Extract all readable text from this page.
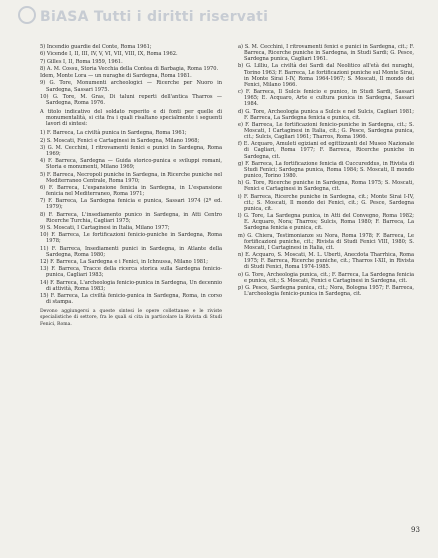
BiASA Tutti i diritti riservati

5) Incendio guardie del Conte, Roma 1961;

6) Vicende I, II, III, IV, V, VI, VII, VIII, IX, Roma 1962.

7) Gilles I, II, Roma 1959, 1961.

8) A. M. Cossu, Storia Vecchia della Contea di Barbagia, Roma 1970.

Idem, Monte Lora — un nuraghe di Sardegna, Roma 1981.

9) G. Tore, Monumenti archeologici — Ricerche per Nuoro in Sardegna, Sassari 1975.

10) G. Tore, M. Gras, Di taluni reperti dell'antica Tharros — Sardegna, Roma 1976.

A titolo indicativo del soldato reperito e di fonti per quelle di monumentalità, si cita fra i quali risaltano specialmente i seguenti lavori di sintesi:

1) F. Barreca, La civiltà punica in Sardegna, Roma 1961;

2) S. Moscati, Fenici e Cartaginesi in Sardegna, Milano 1968;

3) G. M. Cecchini, I ritrovamenti fenici e punici in Sardegna, Roma 1969;

4) F. Barreca, Sardegna — Guida storico-punica e sviluppi romani, Storia e monumenti, Milano 1969;

5) F. Barreca, Necropoli puniche in Sardegna, in Ricerche puniche nel Mediterraneo Centrale, Roma 1970;

6) F. Barreca, L'espansione fenicia in Sardegna, in L'espansione fenicia nel Mediterraneo, Roma 1971;

7) F. Barreca, La Sardegna fenicia e punica, Sassari 1974 (2ª ed. 1979);

8) F. Barreca, L'insediamento punico in Sardegna, in Atti Centro Ricerche Turchia, Cagliari 1975;

9) S. Moscati, I Cartaginesi in Italia, Milano 1977;

10) F. Barreca, Le fortificazioni fenicio-puniche in Sardegna, Roma 1978;

11) F. Barreca, Insediamenti punici in Sardegna, in Atlante della Sardegna, Roma 1980;

12) F. Barreca, La Sardegna e i Fenici, in Ichnussa, Milano 1981;

13) F. Barreca, Tracce della ricerca storica sulla Sardegna fenicio-punica, Cagliari 1983;

14) F. Barreca, L'archeologia fenicio-punica in Sardegna, Un decennio di attività, Roma 1983;

15) F. Barreca, La civiltà fenicio-punica in Sardegna, Roma, in corso di stampa.

Devono aggiungersi a queste sintesi le opere collettanee e le riviste specialistiche di settore, fra le quali si cita in particolare la Rivista di Studi Fenici, Roma.

a) S. M. Cecchini, I ritrovamenti fenici e punici in Sardegna, cit.; F. Barreca, Ricerche puniche in Sardegna, in Studi Sardi; G. Pesce, Sardegna punica, Cagliari 1961.

b) G. Lilliu, La civiltà dei Sardi dal Neolitico all'età dei nuraghi, Torino 1963; F. Barreca, Le fortificazioni puniche sul Monte Sirai, in Monte Sirai I-IV, Roma 1964-1967; S. Moscati, Il mondo dei Fenici, Milano 1966.

c) F. Barreca, Il Sulcis fenicio e punico, in Studi Sardi, Sassari 1965; E. Acquaro, Arte e cultura punica in Sardegna, Sassari 1984.

d) G. Tore, Archeologia punica a Sulcis e nel Sulcis, Cagliari 1981; F. Barreca, La Sardegna fenicia e punica, cit.

e) F. Barreca, Le fortificazioni fenicio-puniche in Sardegna, cit.; S. Moscati, I Cartaginesi in Italia, cit.; G. Pesce, Sardegna punica, cit.; Sulcis, Cagliari 1961; Tharros, Roma 1966.

f) E. Acquaro, Amuleti egiziani ed egittizzanti del Museo Nazionale di Cagliari, Roma 1977; F. Barreca, Ricerche puniche in Sardegna, cit.

g) F. Barreca, La fortificazione fenicia di Cuccureddus, in Rivista di Studi Fenici; Sardegna punica, Roma 1984; S. Moscati, Il mondo punico, Torino 1980.

h) G. Tore, Ricerche puniche in Sardegna, Roma 1975; S. Moscati, Fenici e Cartaginesi in Sardegna, cit.

i) F. Barreca, Ricerche puniche in Sardegna, cit.; Monte Sirai I-IV, cit.; S. Moscati, Il mondo dei Fenici, cit.; G. Pesce, Sardegna punica, cit.

l) G. Tore, La Sardegna punica, in Atti del Convegno, Roma 1982; E. Acquaro, Nora; Tharros; Sulcis, Roma 1980; F. Barreca, La Sardegna fenicia e punica, cit.

m) G. Chiera, Testimonianze su Nora, Roma 1978; F. Barreca, Le fortificazioni puniche, cit.; Rivista di Studi Fenici VIII, 1980; S. Moscati, I Cartaginesi in Italia, cit.

n) E. Acquaro, S. Moscati, M. L. Uberti, Anecdota Tharrhica, Roma 1975; F. Barreca, Ricerche puniche, cit.; Tharros I-XII, in Rivista di Studi Fenici, Roma 1974-1985.

o) G. Tore, Archeologia punica, cit.; F. Barreca, La Sardegna fenicia e punica, cit.; S. Moscati, Fenici e Cartaginesi in Sardegna, cit.

p) G. Pesce, Sardegna punica, cit.; Nora, Bologna 1957; F. Barreca, L'archeologia fenicio-punica in Sardegna, cit.

93
